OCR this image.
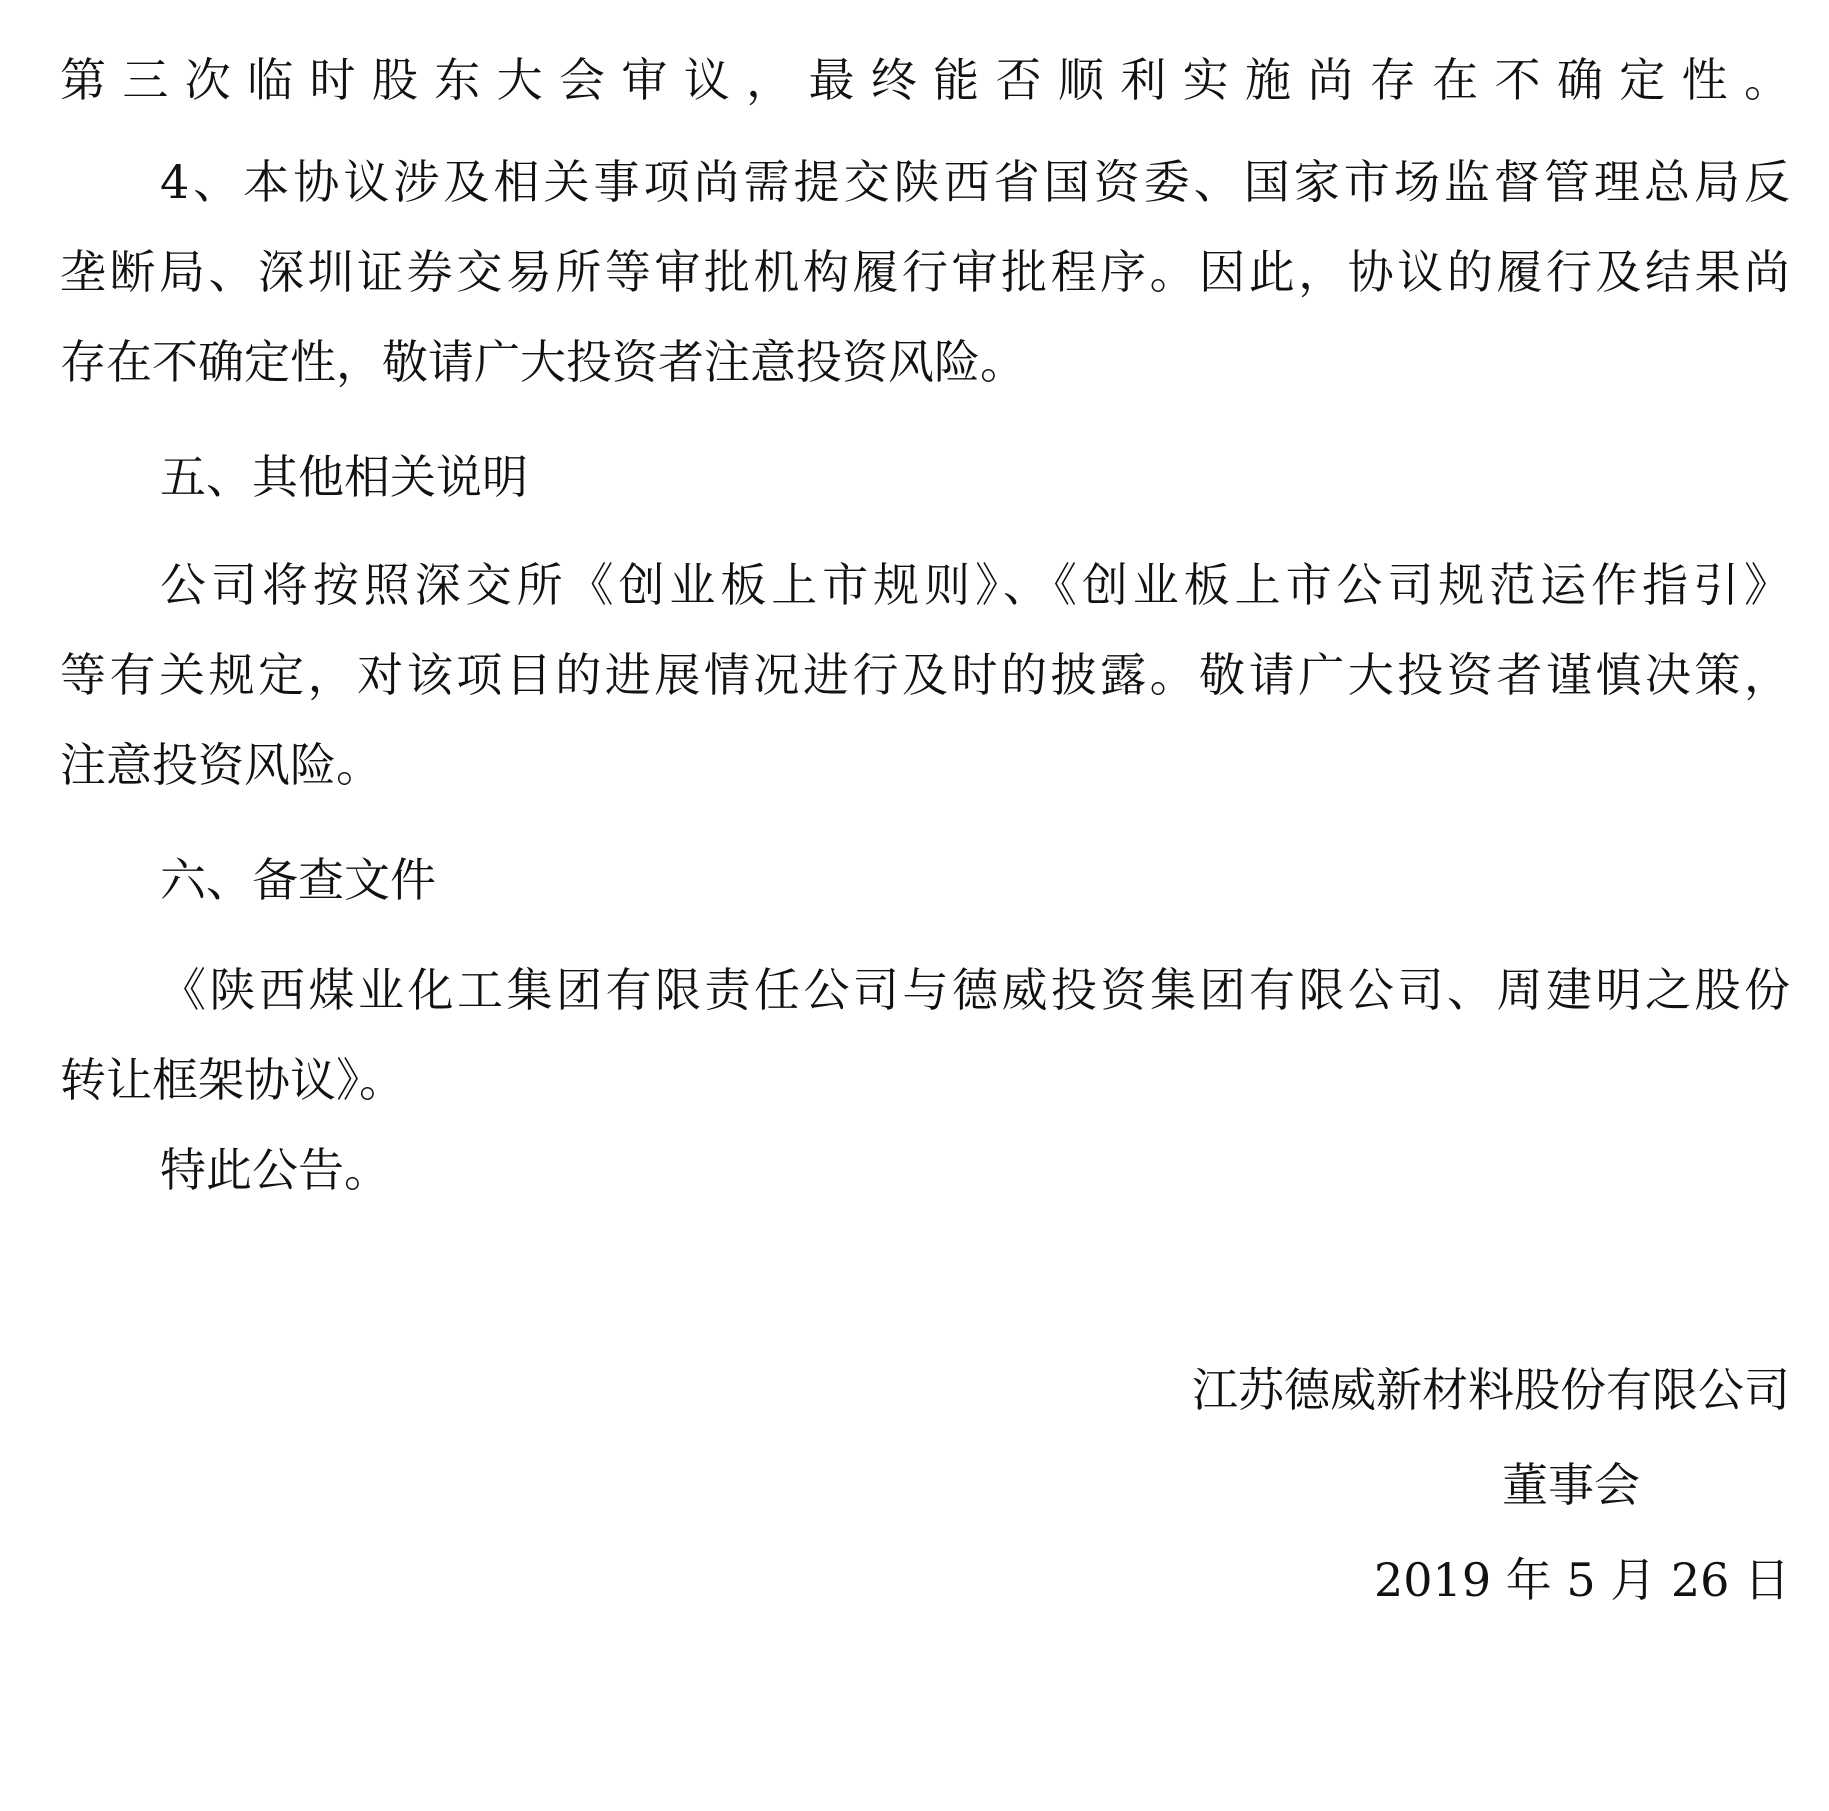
第三次临时股东大会审议，最终能否顺利实施尚存在不确定性。
4、本协议涉及相关事项尚需提交陕西省国资委、国家市场监督管理总局反
垄断局、深圳证券交易所等审批机构履行审批程序。因此，协议的履行及结果尚
存在不确定性，敬请广大投资者注意投资风险。
五、其他相关说明
公司将按照深交所《创业板上市规则》、《创业板上市公司规范运作指引》
等有关规定，对该项目的进展情况进行及时的披露。敬请广大投资者谨慎决策，
注意投资风险。
六、备查文件
《陕西煤业化工集团有限责任公司与德威投资集团有限公司、周建明之股份
转让框架协议》。
特此公告。
江苏德威新材料股份有限公司
董事会
2019 年 5 月 26 日
